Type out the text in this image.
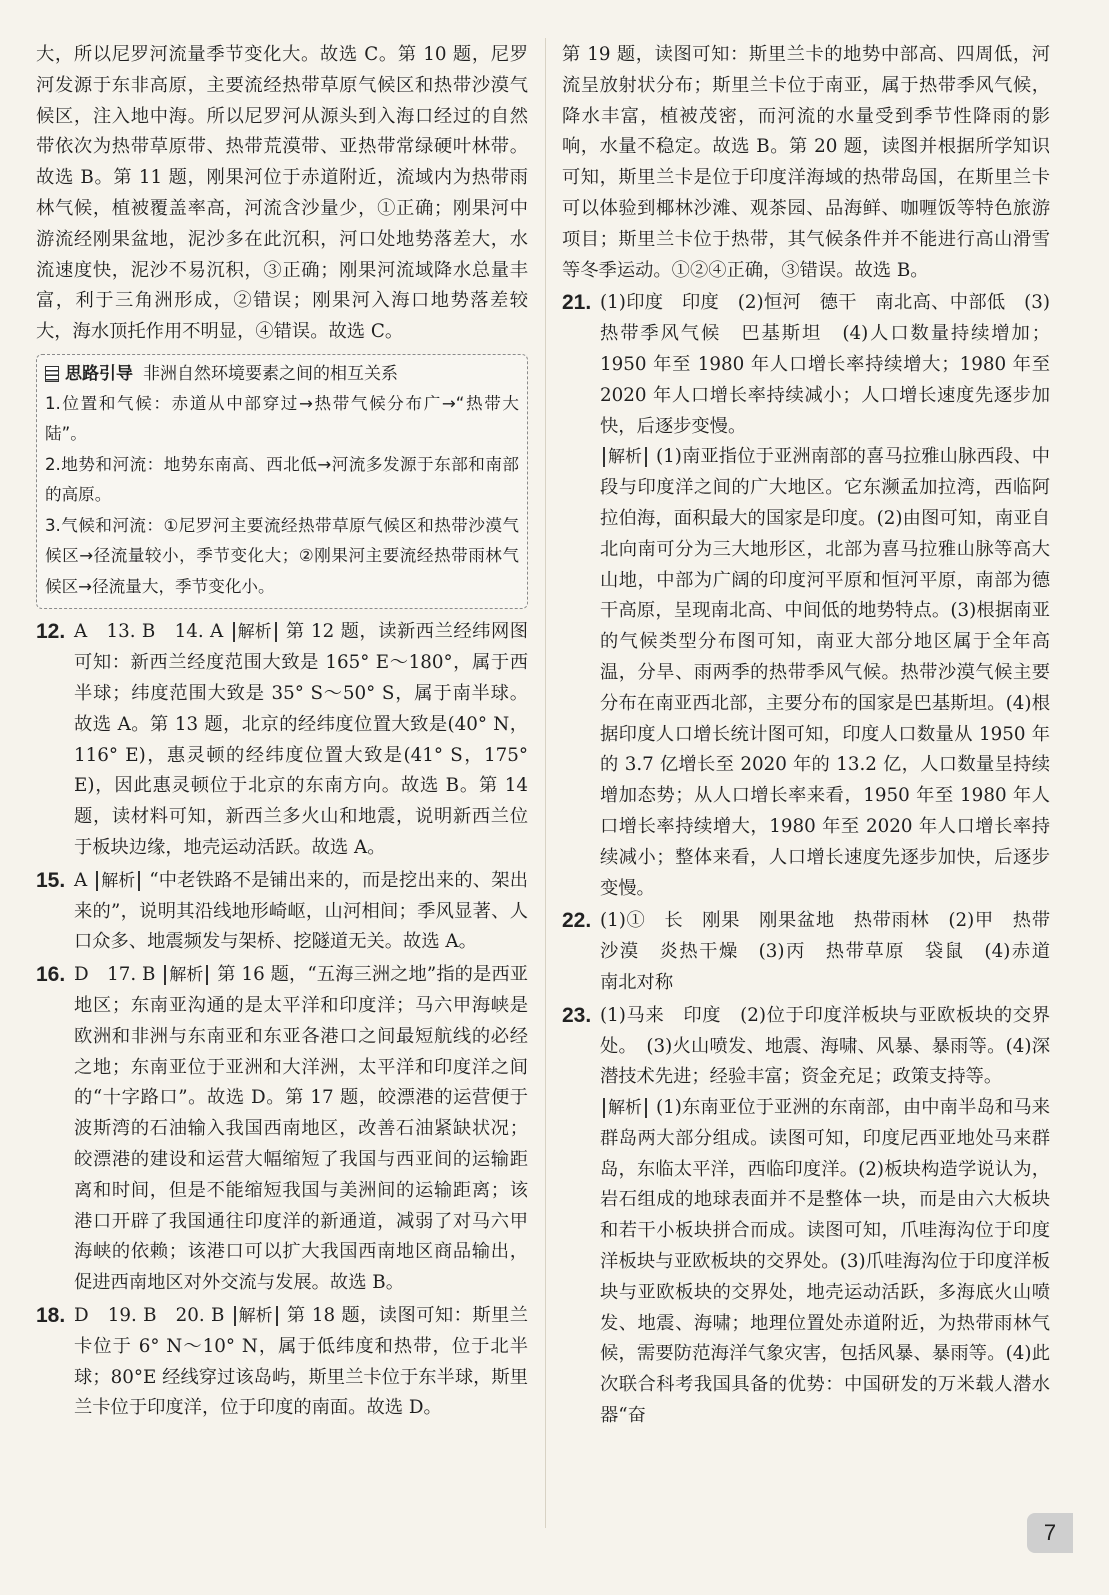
大，所以尼罗河流量季节变化大。故选 C。第 10 题，尼罗河发源于东非高原，主要流经热带草原气候区和热带沙漠气候区，注入地中海。所以尼罗河从源头到入海口经过的自然带依次为热带草原带、热带荒漠带、亚热带常绿硬叶林带。故选 B。第 11 题，刚果河位于赤道附近，流域内为热带雨林气候，植被覆盖率高，河流含沙量少，①正确；刚果河中游流经刚果盆地，泥沙多在此沉积，河口处地势落差大，水流速度快，泥沙不易沉积，③正确；刚果河流域降水总量丰富，利于三角洲形成，②错误；刚果河入海口地势落差较大，海水顶托作用不明显，④错误。故选 C。

思路引导 非洲自然环境要素之间的相互关系
1.位置和气候：赤道从中部穿过→热带气候分布广→“热带大陆”。
2.地势和河流：地势东南高、西北低→河流多发源于东部和南部的高原。
3.气候和河流：①尼罗河主要流经热带草原气候区和热带沙漠气候区→径流量较小，季节变化大；②刚果河主要流经热带雨林气候区→径流量大，季节变化小。
12. A　13. B　14. A 解析 第 12 题，读新西兰经纬网图可知：新西兰经度范围大致是 165° E～180°，属于西半球；纬度范围大致是 35° S～50° S，属于南半球。故选 A。第 13 题，北京的经纬度位置大致是(40° N，116° E)，惠灵顿的经纬度位置大致是(41° S，175° E)，因此惠灵顿位于北京的东南方向。故选 B。第 14 题，读材料可知，新西兰多火山和地震，说明新西兰位于板块边缘，地壳运动活跃。故选 A。
15. A 解析 “中老铁路不是铺出来的，而是挖出来的、架出来的”，说明其沿线地形崎岖，山河相间；季风显著、人口众多、地震频发与架桥、挖隧道无关。故选 A。
16. D　17. B 解析 第 16 题，“五海三洲之地”指的是西亚地区；东南亚沟通的是太平洋和印度洋；马六甲海峡是欧洲和非洲与东南亚和东亚各港口之间最短航线的必经之地；东南亚位于亚洲和大洋洲，太平洋和印度洋之间的“十字路口”。故选 D。第 17 题，皎漂港的运营便于波斯湾的石油输入我国西南地区，改善石油紧缺状况；皎漂港的建设和运营大幅缩短了我国与西亚间的运输距离和时间，但是不能缩短我国与美洲间的运输距离；该港口开辟了我国通往印度洋的新通道，减弱了对马六甲海峡的依赖；该港口可以扩大我国西南地区商品输出，促进西南地区对外交流与发展。故选 B。
18. D　19. B　20. B 解析 第 18 题，读图可知：斯里兰卡位于 6° N～10° N，属于低纬度和热带，位于北半球；80°E 经线穿过该岛屿，斯里兰卡位于东半球，斯里兰卡位于印度洋，位于印度的南面。故选 D。

第 19 题，读图可知：斯里兰卡的地势中部高、四周低，河流呈放射状分布；斯里兰卡位于南亚，属于热带季风气候，降水丰富，植被茂密，而河流的水量受到季节性降雨的影响，水量不稳定。故选 B。第 20 题，读图并根据所学知识可知，斯里兰卡是位于印度洋海域的热带岛国，在斯里兰卡可以体验到椰林沙滩、观茶园、品海鲜、咖喱饭等特色旅游项目；斯里兰卡位于热带，其气候条件并不能进行高山滑雪等冬季运动。①②④正确，③错误。故选 B。

21. (1)印度　印度　(2)恒河　德干　南北高、中部低　(3)热带季风气候　巴基斯坦　(4)人口数量持续增加；1950 年至 1980 年人口增长率持续增大；1980 年至 2020 年人口增长率持续减小；人口增长速度先逐步加快，后逐步变慢。
解析 (1)南亚指位于亚洲南部的喜马拉雅山脉西段、中段与印度洋之间的广大地区。它东濒孟加拉湾，西临阿拉伯海，面积最大的国家是印度。(2)由图可知，南亚自北向南可分为三大地形区，北部为喜马拉雅山脉等高大山地，中部为广阔的印度河平原和恒河平原，南部为德干高原，呈现南北高、中间低的地势特点。(3)根据南亚的气候类型分布图可知，南亚大部分地区属于全年高温，分旱、雨两季的热带季风气候。热带沙漠气候主要分布在南亚西北部，主要分布的国家是巴基斯坦。(4)根据印度人口增长统计图可知，印度人口数量从 1950 年的 3.7 亿增长至 2020 年的 13.2 亿，人口数量呈持续增加态势；从人口增长率来看，1950 年至 1980 年人口增长率持续增大，1980 年至 2020 年人口增长率持续减小；整体来看，人口增长速度先逐步加快，后逐步变慢。
22. (1)①　长　刚果　刚果盆地　热带雨林　(2)甲　热带沙漠　炎热干燥　(3)丙　热带草原　袋鼠　(4)赤道　南北对称
23. (1)马来　印度　(2)位于印度洋板块与亚欧板块的交界处。　(3)火山喷发、地震、海啸、风暴、暴雨等。(4)深潜技术先进；经验丰富；资金充足；政策支持等。
解析 (1)东南亚位于亚洲的东南部，由中南半岛和马来群岛两大部分组成。读图可知，印度尼西亚地处马来群岛，东临太平洋，西临印度洋。(2)板块构造学说认为，岩石组成的地球表面并不是整体一块，而是由六大板块和若干小板块拼合而成。读图可知，爪哇海沟位于印度洋板块与亚欧板块的交界处。(3)爪哇海沟位于印度洋板块与亚欧板块的交界处，地壳运动活跃，多海底火山喷发、地震、海啸；地理位置处赤道附近，为热带雨林气候，需要防范海洋气象灾害，包括风暴、暴雨等。(4)此次联合科考我国具备的优势：中国研发的万米载人潜水器“奋
7
